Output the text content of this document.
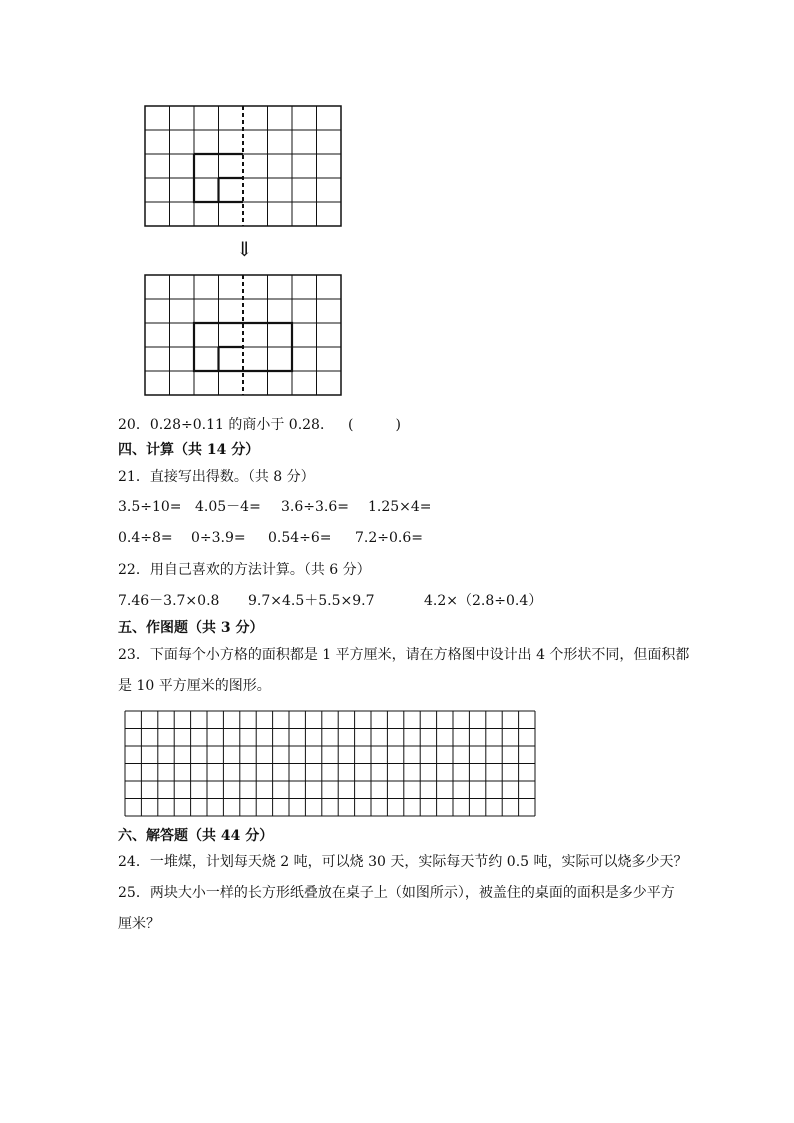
⇓
20．0.28÷0.11 的商小于 0.28． (　　　)
四、计算（共 14 分）
21．直接写出得数。（共 8 分）
3.5÷10= 4.05－4= 3.6÷3.6= 1.25×4=
0.4÷8= 0÷3.9= 0.54÷6= 7.2÷0.6=
22．用自己喜欢的方法计算。（共 6 分）
7.46－3.7×0.8 9.7×4.5＋5.5×9.7	4.2×（2.8÷0.4）
五、作图题（共 3 分）
23．下面每个小方格的面积都是 1 平方厘米，请在方格图中设计出 4 个形状不同，但面积都
是 10 平方厘米的图形。
六、解答题（共 44 分）
24．一堆煤，计划每天烧 2 吨，可以烧 30 天，实际每天节约 0.5 吨，实际可以烧多少天？
25．两块大小一样的长方形纸叠放在桌子上（如图所示），被盖住的桌面的面积是多少平方
厘米？
